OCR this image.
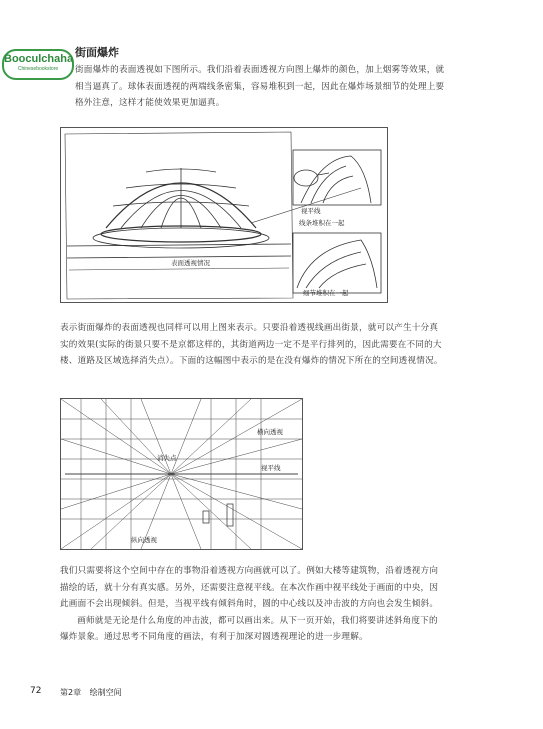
Booculchaha
Chinesebookstore
街面爆炸
街面爆炸的表面透视如下图所示。我们沿着表面透视方向图上爆炸的颜色，加上烟雾等效果，就相当逼真了。球体表面透视的两端线条密集，容易堆积到一起，因此在爆炸场景细节的处理上要格外注意，这样才能使效果更加逼真。
视平线
线条堆积在一起
表面透视情况
细节堆积在一起
表示街面爆炸的表面透视也同样可以用上图来表示。只要沿着透视线画出街景，就可以产生十分真实的效果(实际的街景只要不是京都这样的，其街道两边一定不是平行排列的，因此需要在不同的大楼、道路及区域选择消失点）。下面的这幅图中表示的是在没有爆炸的情况下所在的空间透视情况。
横向透视
消失点
视平线
纵向透视
我们只需要将这个空间中存在的事物沿着透视方向画就可以了。例如大楼等建筑物，沿着透视方向描绘的话，就十分有真实感。另外，还需要注意视平线。在本次作画中视平线处于画面的中央，因此画面不会出现倾斜。但是，当视平线有倾斜角时，圆的中心线以及冲击波的方向也会发生倾斜。
画师就是无论是什么角度的冲击波，都可以画出来。从下一页开始，我们将要讲述斜角度下的爆炸景象。通过思考不同角度的画法，有利于加深对圆透视理论的进一步理解。
72 第2章 绘制空间
